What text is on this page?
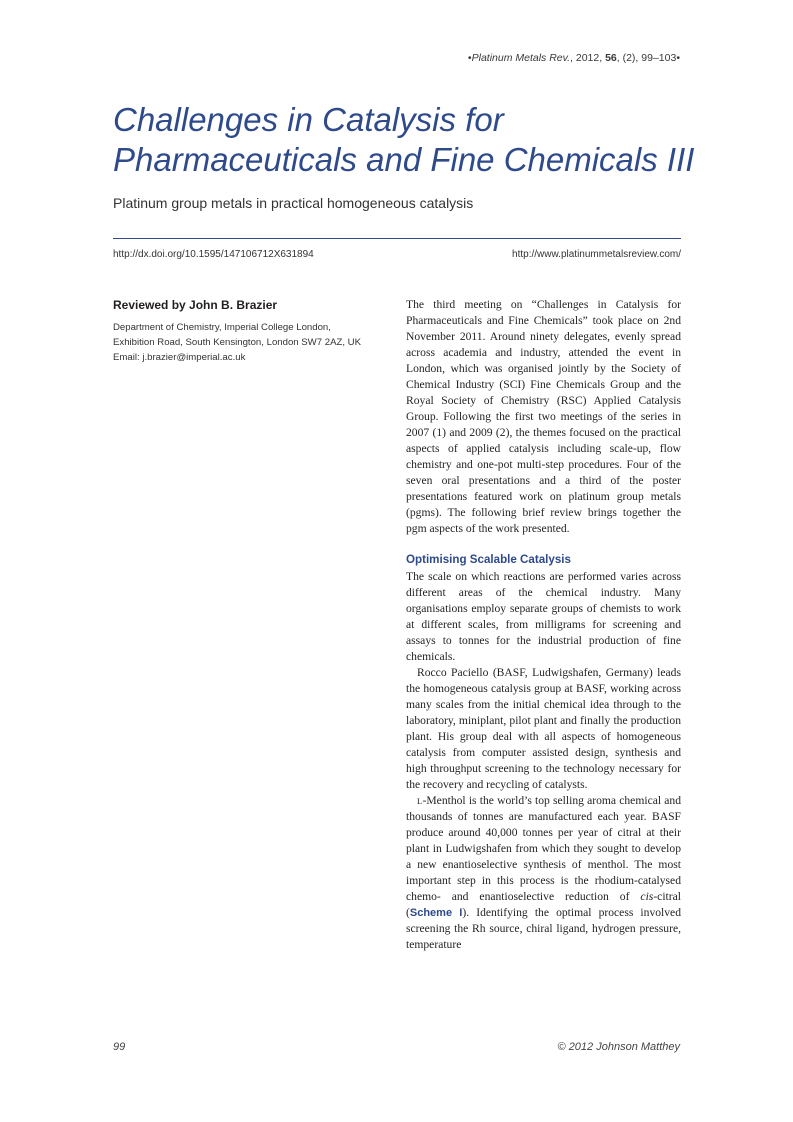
•Platinum Metals Rev., 2012, 56, (2), 99–103•
Challenges in Catalysis for
Pharmaceuticals and Fine Chemicals III
Platinum group metals in practical homogeneous catalysis
http://dx.doi.org/10.1595/147106712X631894	http://www.platinummetalsreview.com/
Reviewed by John B. Brazier
Department of Chemistry, Imperial College London,
Exhibition Road, South Kensington, London SW7 2AZ, UK
Email: j.brazier@imperial.ac.uk

The third meeting on “Challenges in Catalysis for Pharmaceuticals and Fine Chemicals” took place on 2nd November 2011. Around ninety delegates, evenly spread across academia and industry, attended the event in London, which was organised jointly by the Society of Chemical Industry (SCI) Fine Chemicals Group and the Royal Society of Chemistry (RSC) Applied Catalysis Group. Following the first two meetings of the series in 2007 (1) and 2009 (2), the themes focused on the practical aspects of applied catalysis including scale-up, flow chemistry and one-pot multi-step procedures. Four of the seven oral presentations and a third of the poster presentations featured work on platinum group metals (pgms). The following brief review brings together the pgm aspects of the work presented.

Optimising Scalable Catalysis

The scale on which reactions are performed varies across different areas of the chemical industry. Many organisations employ separate groups of chemists to work at different scales, from milligrams for screening and assays to tonnes for the industrial production of fine chemicals.

Rocco Paciello (BASF, Ludwigshafen, Germany) leads the homogeneous catalysis group at BASF, working across many scales from the initial chemical idea through to the laboratory, miniplant, pilot plant and finally the production plant. His group deal with all aspects of homogeneous catalysis from computer assisted design, synthesis and high throughput screening to the technology necessary for the recovery and recycling of catalysts.

L-Menthol is the world’s top selling aroma chemical and thousands of tonnes are manufactured each year. BASF produce around 40,000 tonnes per year of citral at their plant in Ludwigshafen from which they sought to develop a new enantioselective synthesis of menthol. The most important step in this process is the rhodium-catalysed chemo- and enantioselective reduction of cis-citral (Scheme I). Identifying the optimal process involved screening the Rh source, chiral ligand, hydrogen pressure, temperature

99	© 2012 Johnson Matthey
